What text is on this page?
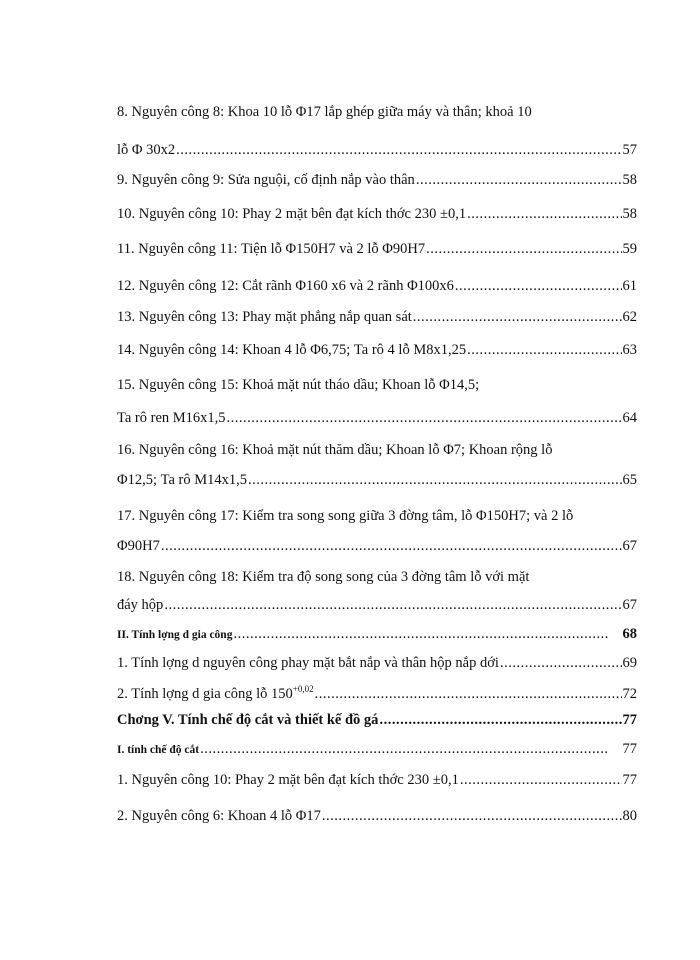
8. Nguyên công 8: Khoa 10 lỗ Φ17 lắp ghép giữa máy và thân; khoả 10
lỗ Φ 30x2 .....	57
9. Nguyên công 9: Sửa nguội, cố định nắp vào thân .....	58
10. Nguyên công 10: Phay 2 mặt bên đạt kích thớc 230 ±0,1 .....	58
11. Nguyên công 11: Tiện lỗ Φ150H7 và 2 lỗ Φ90H7 .....	59
12. Nguyên công 12: Cắt rãnh Φ160 x6 và 2 rãnh Φ100x6 .....	61
13. Nguyên công 13: Phay mặt phẳng nắp quan sát .....	62
14. Nguyên công 14: Khoan 4 lỗ Φ6,75; Ta rô 4 lỗ M8x1,25 .....	63
15. Nguyên công 15: Khoả mặt nút tháo dầu; Khoan lỗ Φ14,5;
Ta rô ren M16x1,5 .....	64
16. Nguyên công 16: Khoả mặt nút thăm dầu; Khoan lỗ Φ7; Khoan rộng lỗ
Φ12,5; Ta rô M14x1,5 .....	65
17. Nguyên công 17: Kiểm tra song song giữa 3 đờng tâm, lỗ Φ150H7; và 2 lỗ
Φ90H7 .....	67
18. Nguyên công 18: Kiểm tra độ song song của 3 đờng tâm lỗ với mặt
đáy hộp .....	67
II. Tính lợng d gia công .....	68
1. Tính lợng d nguyên công phay mặt bắt nắp và thân hộp nắp dới .....	69
2. Tính lợng d gia công lỗ $150^{+0,02}$ .....	72
Chơng V. Tính chế độ cắt và thiết kế đồ gá .....	77
I. tính chế độ cắt .....	77
1. Nguyên công 10: Phay 2 mặt bên đạt kích thớc 230 ±0,1 .....	77
2. Nguyên công 6: Khoan 4 lỗ Φ17 .....	80
